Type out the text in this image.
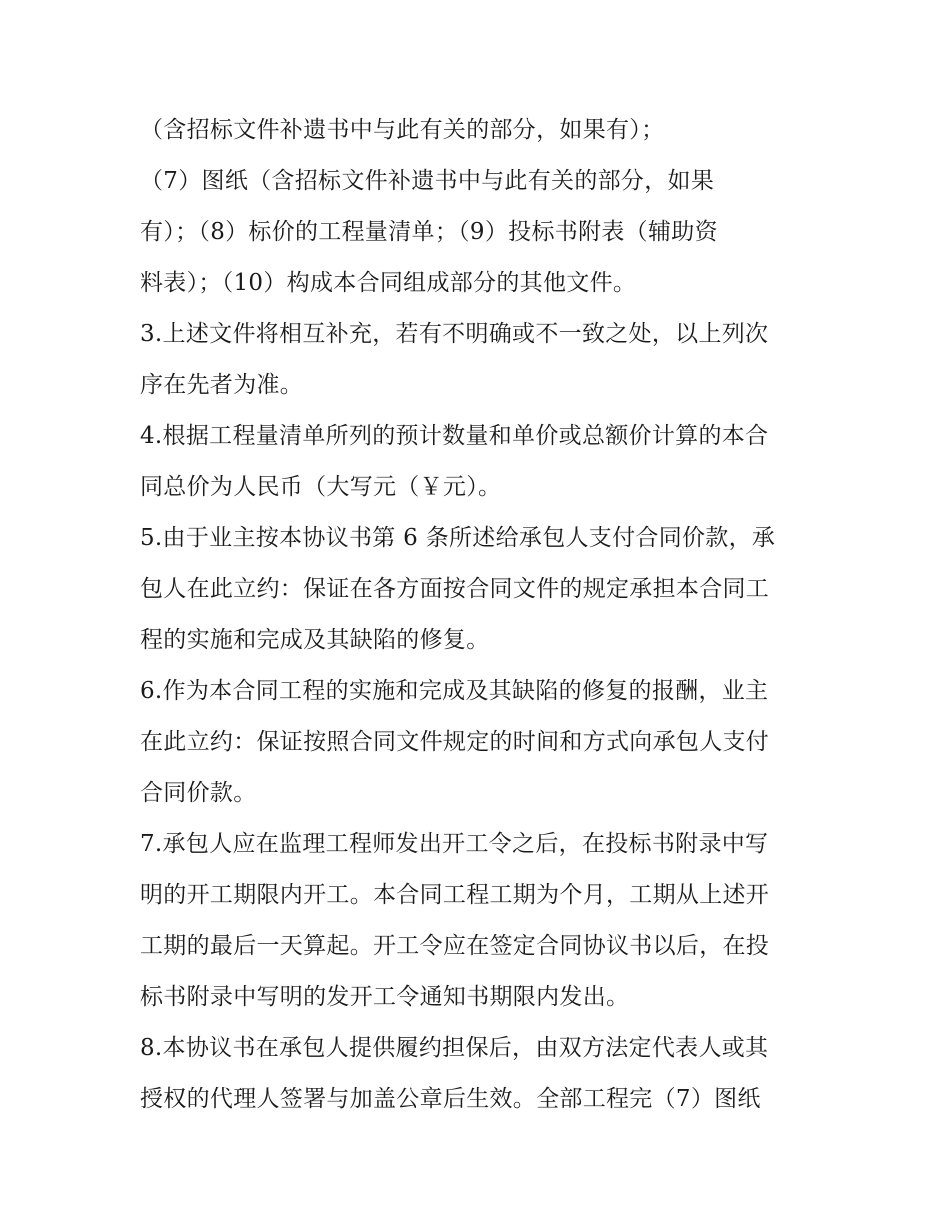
（含招标文件补遗书中与此有关的部分，如果有）；
（7）图纸（含招标文件补遗书中与此有关的部分，如果
有）；（8）标价的工程量清单；（9）投标书附表（辅助资
料表）；（10）构成本合同组成部分的其他文件。
3.上述文件将相互补充，若有不明确或不一致之处，以上列次
序在先者为准。
4.根据工程量清单所列的预计数量和单价或总额价计算的本合
同总价为人民币（大写元（￥元）。
5.由于业主按本协议书第 6 条所述给承包人支付合同价款，承
包人在此立约：保证在各方面按合同文件的规定承担本合同工
程的实施和完成及其缺陷的修复。
6.作为本合同工程的实施和完成及其缺陷的修复的报酬，业主
在此立约：保证按照合同文件规定的时间和方式向承包人支付
合同价款。
7.承包人应在监理工程师发出开工令之后，在投标书附录中写
明的开工期限内开工。本合同工程工期为个月，工期从上述开
工期的最后一天算起。开工令应在签定合同协议书以后，在投
标书附录中写明的发开工令通知书期限内发出。
8.本协议书在承包人提供履约担保后，由双方法定代表人或其
授权的代理人签署与加盖公章后生效。全部工程完（7）图纸
